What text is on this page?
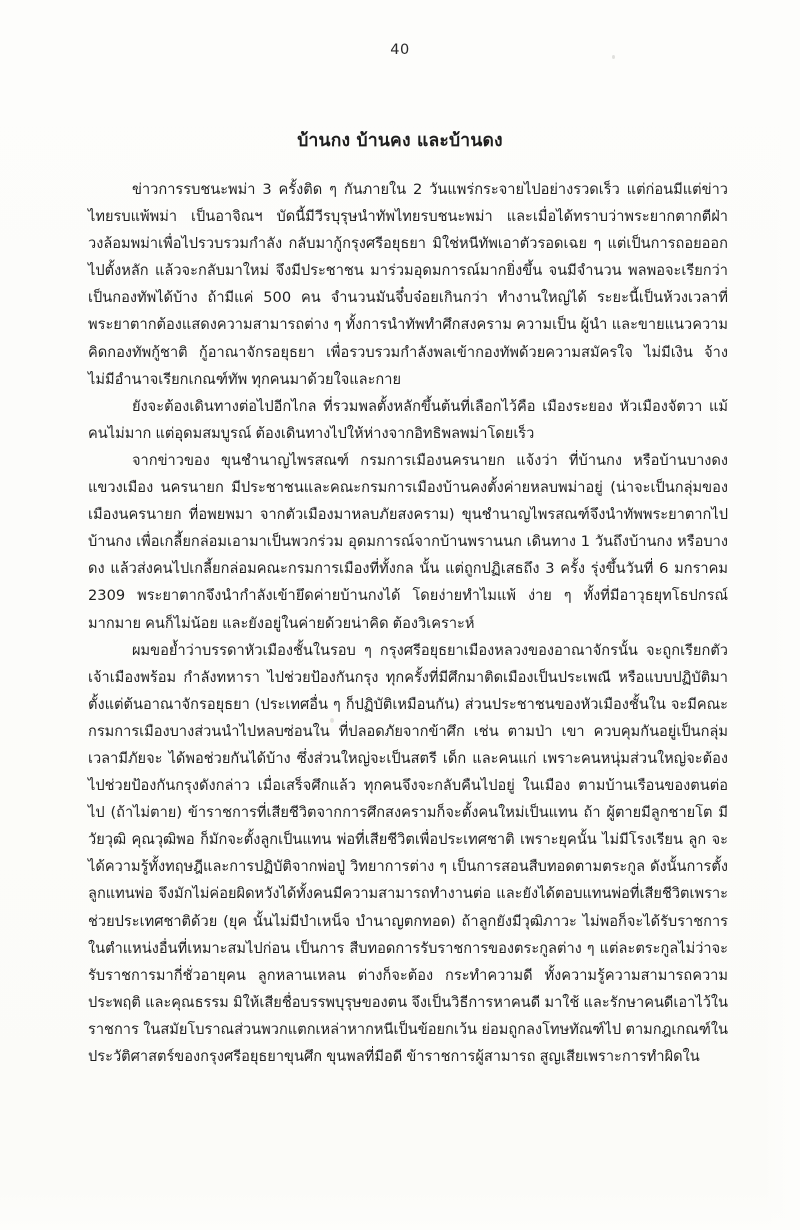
40
บ้านกง บ้านคง และบ้านดง

ข่าวการรบชนะพม่า 3 ครั้งติด ๆ กันภายใน 2 วันแพร่กระจายไปอย่างรวดเร็ว แต่ก่อนมีแต่ข่าวไทยรบแพ้พม่า เป็นอาจิณฯ บัดนี้มีวีรบุรุษนำทัพไทยรบชนะพม่า และเมื่อได้ทราบว่าพระยากตากตีฝ่าวงล้อมพม่าเพื่อไปรวบรวมกำลัง กลับมากู้กรุงศรีอยุธยา มิใช่หนีทัพเอาตัวรอดเฉย ๆ แต่เป็นการถอยออกไปตั้งหลัก แล้วจะกลับมาใหม่ จึงมีประชาชน มาร่วมอุดมการณ์มากยิ่งขึ้น จนมีจำนวน พลพอจะเรียกว่าเป็นกองทัพได้บ้าง ถ้ามีแค่ 500 คน จำนวนมันจึ๋บจ๋อยเกินกว่า ทำงานใหญ่ได้ ระยะนี้เป็นห้วงเวลาที่พระยาตากต้องแสดงความสามารถต่าง ๆ ทั้งการนำทัพทำศึกสงคราม ความเป็น ผู้นำ และขายแนวความคิดกองทัพกู้ชาติ กู้อาณาจักรอยุธยา เพื่อรวบรวมกำลังพลเข้ากองทัพด้วยความสมัครใจ ไม่มีเงิน จ้าง ไม่มีอำนาจเรียกเกณฑ์ทัพ ทุกคนมาด้วยใจและกาย

ยังจะต้องเดินทางต่อไปอีกไกล ที่รวมพลตั้งหลักขึ้นต้นที่เลือกไว้คือ เมืองระยอง หัวเมืองจัตวา แม้คนไม่มาก แต่อุดมสมบูรณ์ ต้องเดินทางไปให้ห่างจากอิทธิพลพม่าโดยเร็ว

จากข่าวของ ขุนชำนาญไพรสณฑ์ กรมการเมืองนครนายก แจ้งว่า ที่บ้านกง หรือบ้านบางดง แขวงเมือง นครนายก มีประชาชนและคณะกรมการเมืองบ้านคงตั้งค่ายหลบพม่าอยู่ (น่าจะเป็นกลุ่มของเมืองนครนายก ที่อพยพมา จากตัวเมืองมาหลบภัยสงคราม) ขุนชำนาญไพรสณฑ์จึงนำทัพพระยาตากไปบ้านกง เพื่อเกลี้ยกล่อมเอามาเป็นพวกร่วม อุดมการณ์จากบ้านพรานนก เดินทาง 1 วันถึงบ้านกง หรือบางดง แล้วส่งคนไปเกลี้ยกล่อมคณะกรมการเมืองที่ทั้งกล นั้น แต่ถูกปฏิเสธถึง 3 ครั้ง รุ่งขึ้นวันที่ 6 มกราคม 2309 พระยาตากจึงนำกำลังเข้ายึดค่ายบ้านกงได้ โดยง่ายทำไมแพ้ ง่าย ๆ ทั้งที่มีอาวุธยุทโธปกรณ์มากมาย คนก็ไม่น้อย และยังอยู่ในค่ายด้วยน่าคิด ต้องวิเคราะห์

ผมขอย้ำว่าบรรดาหัวเมืองชั้นในรอบ ๆ กรุงศรีอยุธยาเมืองหลวงของอาณาจักรนั้น จะถูกเรียกตัวเจ้าเมืองพร้อม กำลังทหารา ไปช่วยป้องกันกรุง ทุกครั้งที่มีศึกมาติดเมืองเป็นประเพณี หรือแบบปฏิบัติมาตั้งแต่ต้นอาณาจักรอยุธยา (ประเทศอื่น ๆ ก็ปฏิบัติเหมือนกัน) ส่วนประชาชนของหัวเมืองชั้นใน จะมีคณะกรมการเมืองบางส่วนนำไปหลบซ่อนใน ที่ปลอดภัยจากข้าศึก เช่น ตามป่า เขา ควบคุมกันอยู่เป็นกลุ่ม เวลามีภัยจะ ได้พอช่วยกันได้บ้าง ซึ่งส่วนใหญ่จะเป็นสตรี เด็ก และคนแก่ เพราะคนหนุ่มส่วนใหญ่จะต้องไปช่วยป้องกันกรุงดังกล่าว เมื่อเสร็จศึกแล้ว ทุกคนจึงจะกลับคืนไปอยู่ ในเมือง ตามบ้านเรือนของตนต่อไป (ถ้าไม่ตาย) ข้าราชการที่เสียชีวิตจากการศึกสงครามก็จะตั้งคนใหม่เป็นแทน ถ้า ผู้ตายมีลูกชายโต มีวัยวุฒิ คุณวุฒิพอ ก็มักจะตั้งลูกเป็นแทน พ่อที่เสียชีวิตเพื่อประเทศชาติ เพราะยุคนั้น ไม่มีโรงเรียน ลูก จะได้ความรู้ทั้งทฤษฎีและการปฏิบัติจากพ่อปู่ วิทยาการต่าง ๆ เป็นการสอนสืบทอดตามตระกูล ดังนั้นการตั้งลูกแทนพ่อ จึงมักไม่ค่อยผิดหวังได้ทั้งคนมีความสามารถทำงานต่อ และยังได้ตอบแทนพ่อที่เสียชีวิตเพราะช่วยประเทศชาติด้วย (ยุค นั้นไม่มีบำเหน็จ บำนาญตกทอด) ถ้าลูกยังมีวุฒิภาวะ ไม่พอก็จะได้รับราชการในตำแหน่งอื่นที่เหมาะสมไปก่อน เป็นการ สืบทอดการรับราชการของตระกูลต่าง ๆ แต่ละตระกูลไม่ว่าจะรับราชการมากี่ชั่วอายุคน ลูกหลานเหลน ต่างก็จะต้อง กระทำความดี ทั้งความรู้ความสามารถความประพฤติ และคุณธรรม มิให้เสียชื่อบรรพบุรุษของตน จึงเป็นวิธีการหาคนดี มาใช้ และรักษาคนดีเอาไว้ในราชการ ในสมัยโบราณส่วนพวกแตกเหล่าหากหนีเป็นข้อยกเว้น ย่อมถูกลงโทษทัณฑ์ไป ตามกฎเกณฑ์ในประวัติศาสตร์ของกรุงศรีอยุธยาขุนศึก ขุนพลที่มีอดี ข้าราชการผู้สามารถ สูญเสียเพราะการทำผิดใน
